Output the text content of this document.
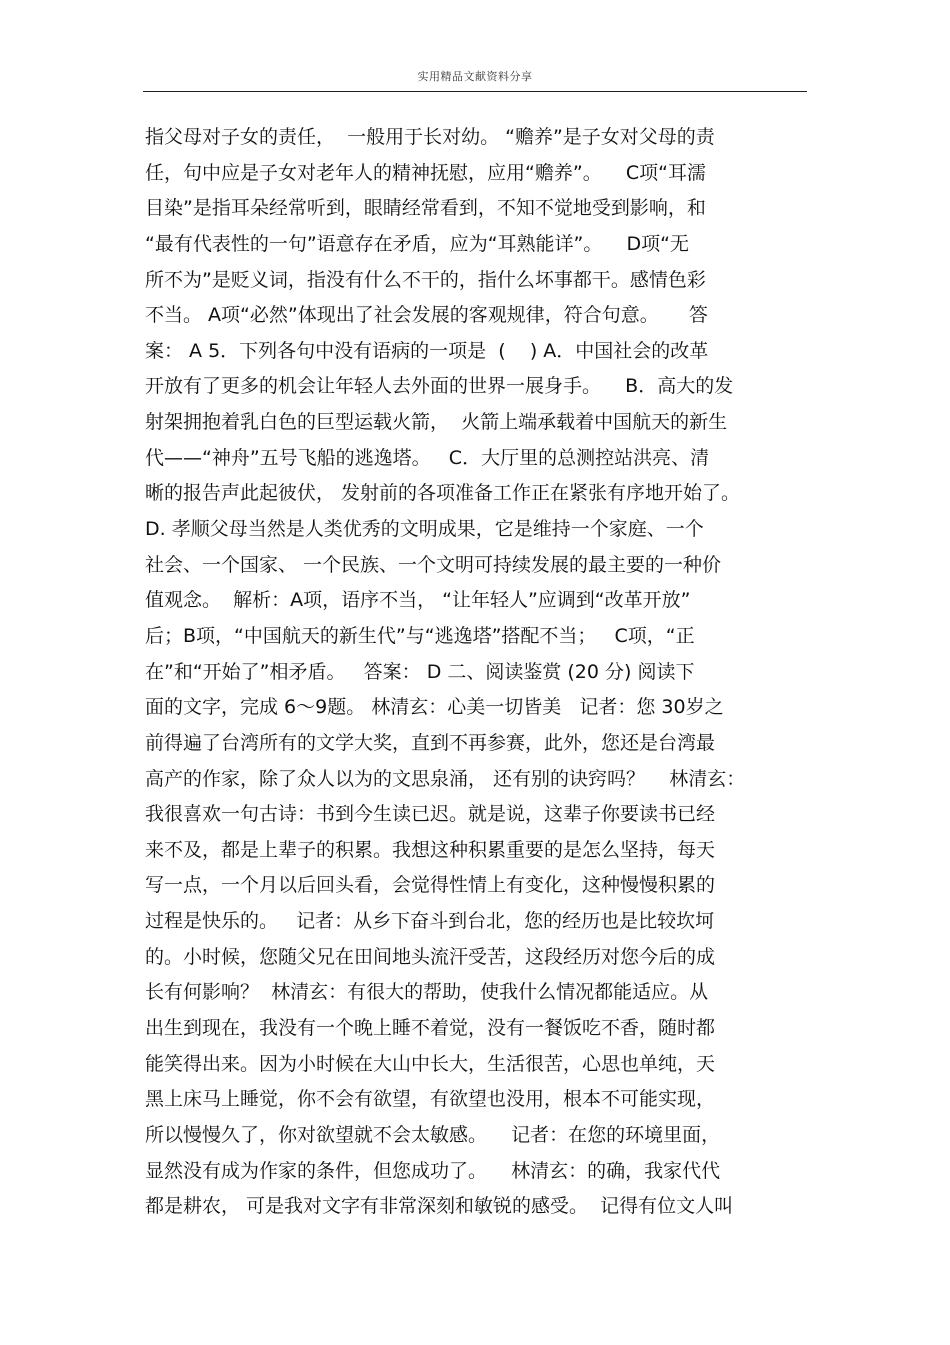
实用精品文献资料分享
指父母对子女的责任，  一般用于长对幼。 “赡养”是子女对父母的责
任，句中应是子女对老年人的精神抚慰，应用“赡养”。    C项“耳濡
目染”是指耳朵经常听到，眼睛经常看到，不知不觉地受到影响，和
“最有代表性的一句”语意存在矛盾，应为“耳熟能详”。    D项“无
所不为”是贬义词，指没有什么不干的，指什么坏事都干。感情色彩
不当。 A项“必然”体现出了社会发展的客观规律，符合句意。     答
案： A 5．下列各句中没有语病的一项是  (    ) A．中国社会的改革
开放有了更多的机会让年轻人去外面的世界一展身手。    B．高大的发
射架拥抱着乳白色的巨型运载火箭，  火箭上端承载着中国航天的新生
代——“神舟”五号飞船的逃逸塔。   C．大厅里的总测控站洪亮、清
晰的报告声此起彼伏， 发射前的各项准备工作正在紧张有序地开始了。
D. 孝顺父母当然是人类优秀的文明成果，它是维持一个家庭、一个
社会、一个国家、 一个民族、一个文明可持续发展的最主要的一种价
值观念。  解析：A项，语序不当， “让年轻人”应调到“改革开放”
后；B项，“中国航天的新生代”与“逃逸塔”搭配不当；   C项，“正
在”和“开始了”相矛盾。   答案： D 二、阅读鉴赏 (20 分) 阅读下
面的文字，完成 6～9题。 林清玄：心美一切皆美   记者：您 30岁之
前得遍了台湾所有的文学大奖，直到不再参赛，此外，您还是台湾最
高产的作家，除了众人以为的文思泉涌， 还有别的诀窍吗？    林清玄：
我很喜欢一句古诗：书到今生读已迟。就是说，这辈子你要读书已经
来不及，都是上辈子的积累。我想这种积累重要的是怎么坚持，每天
写一点，一个月以后回头看，会觉得性情上有变化，这种慢慢积累的
过程是快乐的。   记者：从乡下奋斗到台北，您的经历也是比较坎坷
的。小时候，您随父兄在田间地头流汗受苦，这段经历对您今后的成
长有何影响？  林清玄：有很大的帮助，使我什么情况都能适应。从
出生到现在，我没有一个晚上睡不着觉，没有一餐饭吃不香，随时都
能笑得出来。因为小时候在大山中长大，生活很苦，心思也单纯，天
黑上床马上睡觉，你不会有欲望，有欲望也没用，根本不可能实现，
所以慢慢久了，你对欲望就不会太敏感。    记者：在您的环境里面，
显然没有成为作家的条件，但您成功了。    林清玄：的确，我家代代
都是耕农， 可是我对文字有非常深刻和敏锐的感受。  记得有位文人叫
